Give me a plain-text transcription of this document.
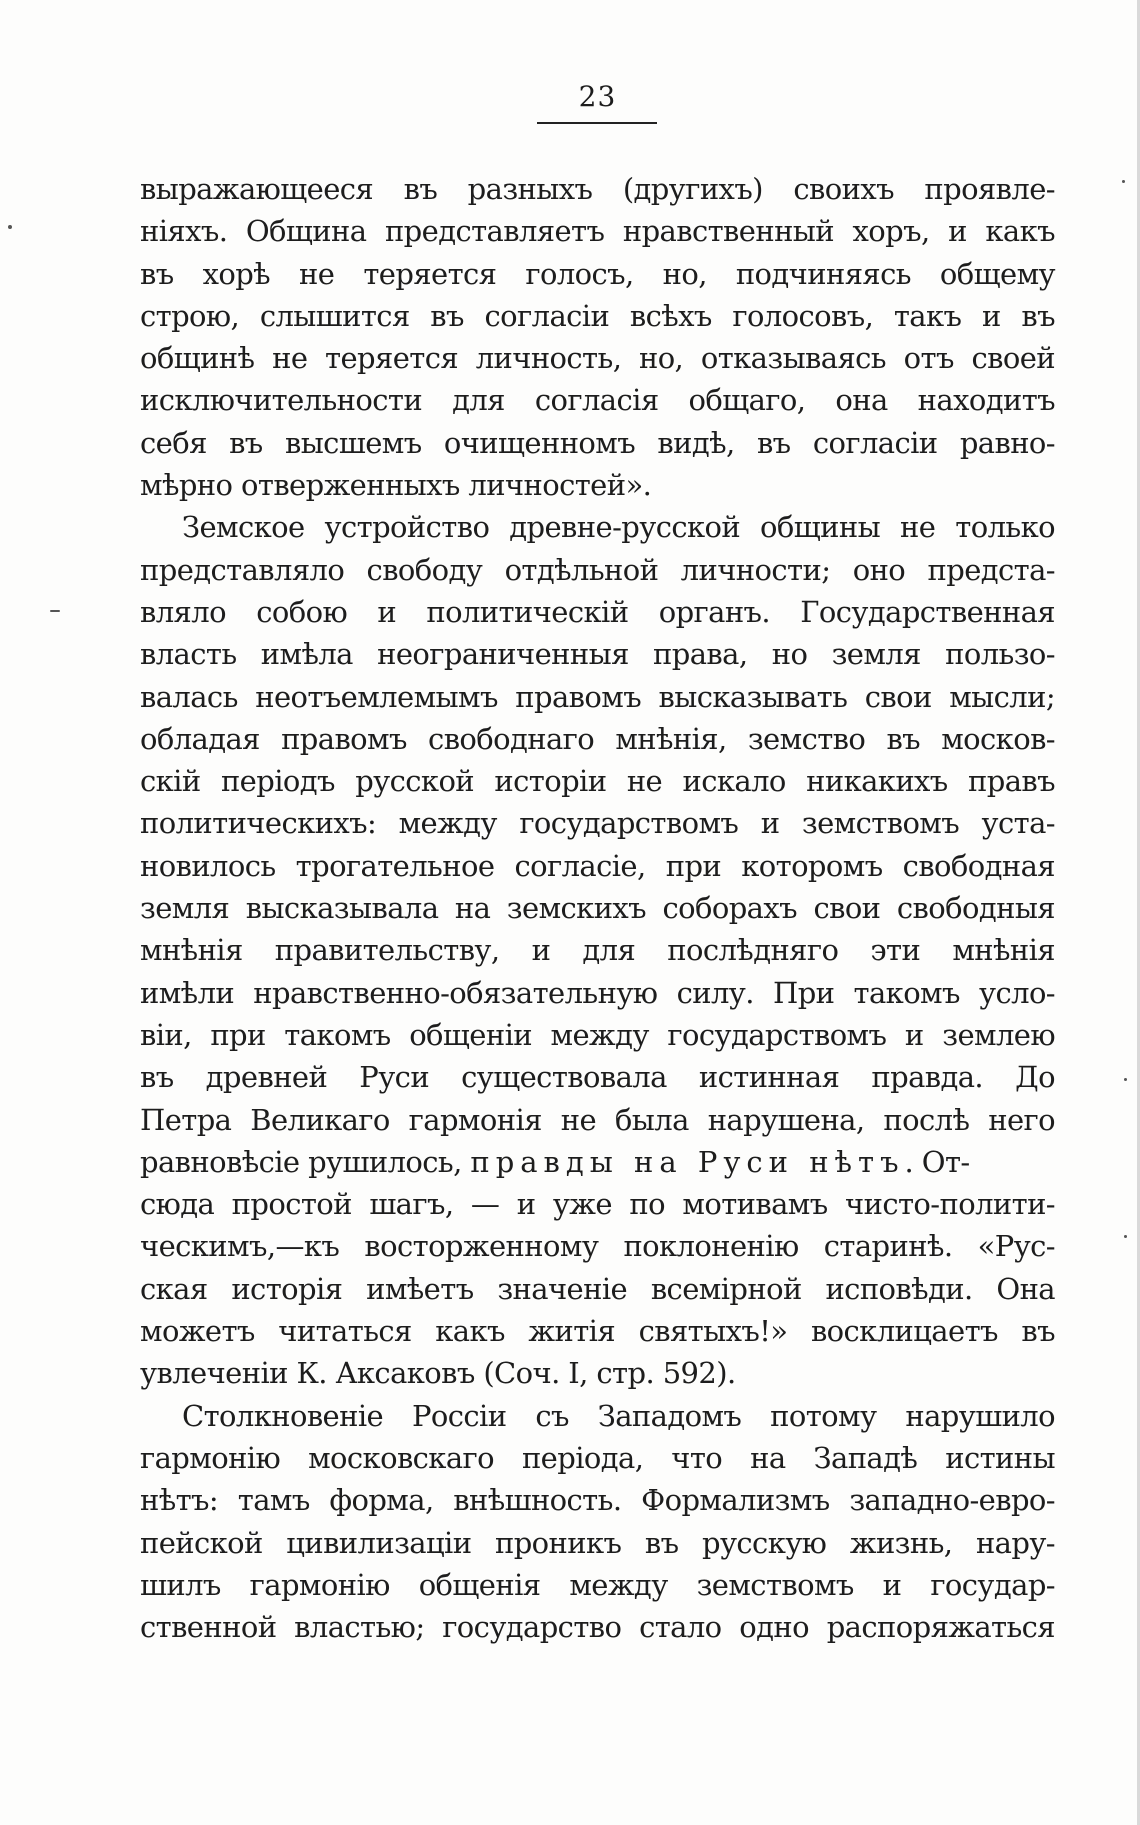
23
выражающееся въ разныхъ (другихъ) своихъ проявле-
ніяхъ. Община представляетъ нравственный хоръ, и какъ
въ хорѣ не теряется голосъ, но, подчиняясь общему
строю, слышится въ согласіи всѣхъ голосовъ, такъ и въ
общинѣ не теряется личность, но, отказываясь отъ своей
исключительности для согласія общаго, она находитъ
себя въ высшемъ очищенномъ видѣ, въ согласіи равно-
мѣрно отверженныхъ личностей».
Земское устройство древне-русской общины не только
представляло свободу отдѣльной личности; оно предста-
вляло собою и политическій органъ. Государственная
власть имѣла неограниченныя права, но земля пользо-
валась неотъемлемымъ правомъ высказывать свои мысли;
обладая правомъ свободнаго мнѣнія, земство въ москов-
скій періодъ русской исторіи не искало никакихъ правъ
политическихъ: между государствомъ и земствомъ уста-
новилось трогательное согласіе, при которомъ свободная
земля высказывала на земскихъ соборахъ свои свободныя
мнѣнія правительству, и для послѣдняго эти мнѣнія
имѣли нравственно-обязательную силу. При такомъ усло-
віи, при такомъ общеніи между государствомъ и землею
въ древней Руси существовала истинная правда. До
Петра Великаго гармонія не была нарушена, послѣ него
равновѣсіе рушилось, правды на Руси нѣтъ. От-
сюда простой шагъ, — и уже по мотивамъ чисто-полити-
ческимъ,—къ восторженному поклоненію старинѣ. «Рус-
ская исторія имѣетъ значеніе всемірной исповѣди. Она
можетъ читаться какъ житія святыхъ!» восклицаетъ въ
увлеченіи К. Аксаковъ (Соч. I, стр. 592).
Столкновеніе Россіи съ Западомъ потому нарушило
гармонію московскаго періода, что на Западѣ истины
нѣтъ: тамъ форма, внѣшность. Формализмъ западно-евро-
пейской цивилизаціи проникъ въ русскую жизнь, нару-
шилъ гармонію общенія между земствомъ и государ-
ственной властью; государство стало одно распоряжаться
